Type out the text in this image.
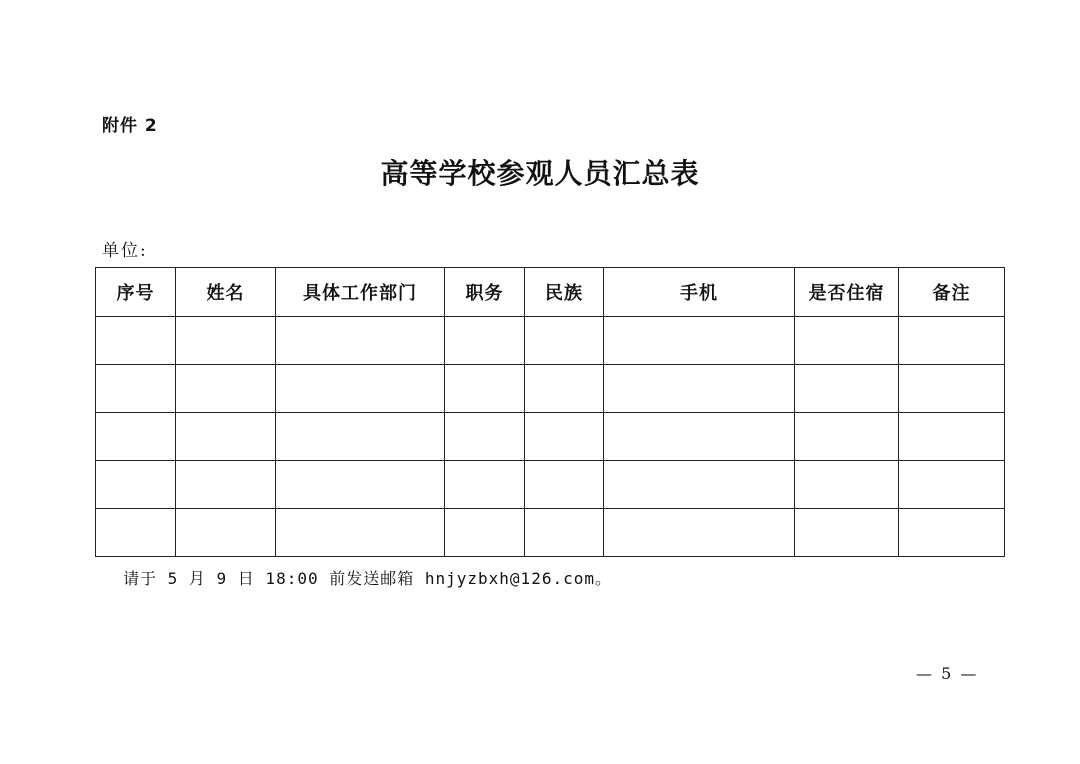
附件 2
高等学校参观人员汇总表
单位:
序号	姓名	具体工作部门	职务	民族	手机	是否住宿	备注

请于 5 月 9 日 18:00 前发送邮箱 hnjyzbxh@126.com。
— 5 —
